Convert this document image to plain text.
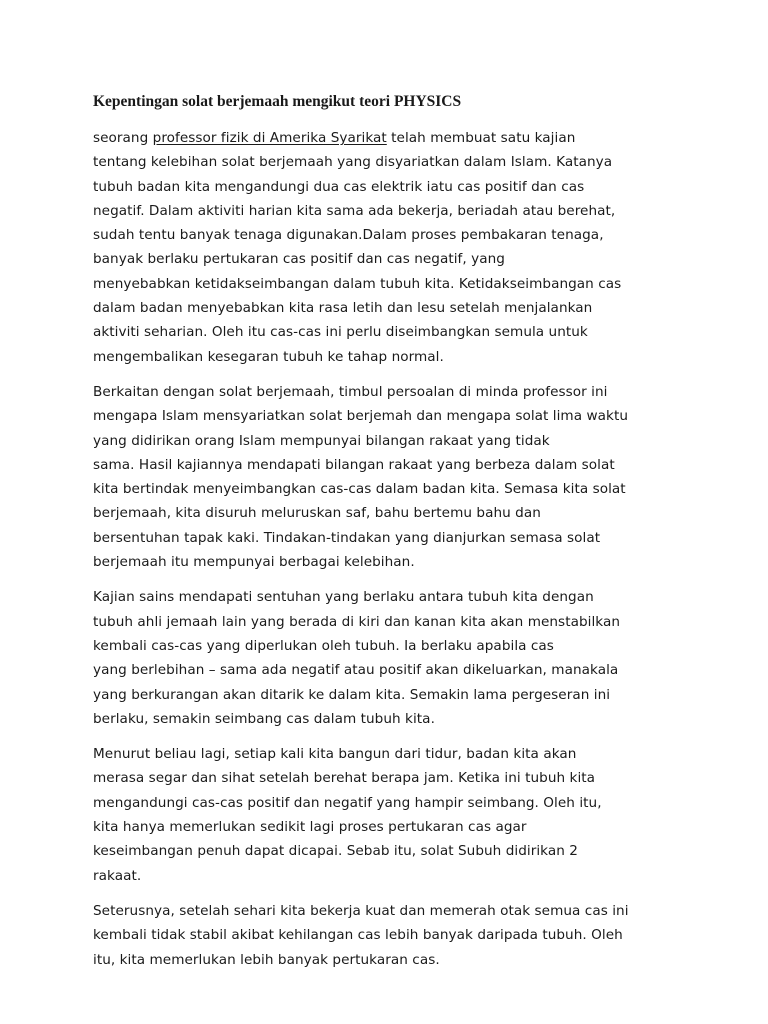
Kepentingan solat berjemaah mengikut teori PHYSICS
seorang professor fizik di Amerika Syarikat telah membuat satu kajian
tentang kelebihan solat berjemaah yang disyariatkan dalam Islam. Katanya
tubuh badan kita mengandungi dua cas elektrik iatu cas positif dan cas
negatif. Dalam aktiviti harian kita sama ada bekerja, beriadah atau berehat,
sudah tentu banyak tenaga digunakan.Dalam proses pembakaran tenaga,
banyak berlaku pertukaran cas positif dan cas negatif, yang
menyebabkan ketidakseimbangan dalam tubuh kita. Ketidakseimbangan cas
dalam badan menyebabkan kita rasa letih dan lesu setelah menjalankan
aktiviti seharian. Oleh itu cas-cas ini perlu diseimbangkan semula untuk
mengembalikan kesegaran tubuh ke tahap normal.
Berkaitan dengan solat berjemaah, timbul persoalan di minda professor ini
mengapa Islam mensyariatkan solat berjemah dan mengapa solat lima waktu
yang didirikan orang Islam mempunyai bilangan rakaat yang tidak
sama. Hasil kajiannya mendapati bilangan rakaat yang berbeza dalam solat
kita bertindak menyeimbangkan cas-cas dalam badan kita. Semasa kita solat
berjemaah, kita disuruh meluruskan saf, bahu bertemu bahu dan
bersentuhan tapak kaki. Tindakan-tindakan yang dianjurkan semasa solat
berjemaah itu mempunyai berbagai kelebihan.
Kajian sains mendapati sentuhan yang berlaku antara tubuh kita dengan
tubuh ahli jemaah lain yang berada di kiri dan kanan kita akan menstabilkan
kembali cas-cas yang diperlukan oleh tubuh. Ia berlaku apabila cas
yang berlebihan – sama ada negatif atau positif akan dikeluarkan, manakala
yang berkurangan akan ditarik ke dalam kita. Semakin lama pergeseran ini
berlaku, semakin seimbang cas dalam tubuh kita.
Menurut beliau lagi, setiap kali kita bangun dari tidur, badan kita akan
merasa segar dan sihat setelah berehat berapa jam. Ketika ini tubuh kita
mengandungi cas-cas positif dan negatif yang hampir seimbang. Oleh itu,
kita hanya memerlukan sedikit lagi proses pertukaran cas agar
keseimbangan penuh dapat dicapai. Sebab itu, solat Subuh didirikan 2
rakaat.
Seterusnya, setelah sehari kita bekerja kuat dan memerah otak semua cas ini
kembali tidak stabil akibat kehilangan cas lebih banyak daripada tubuh. Oleh
itu, kita memerlukan lebih banyak pertukaran cas.
